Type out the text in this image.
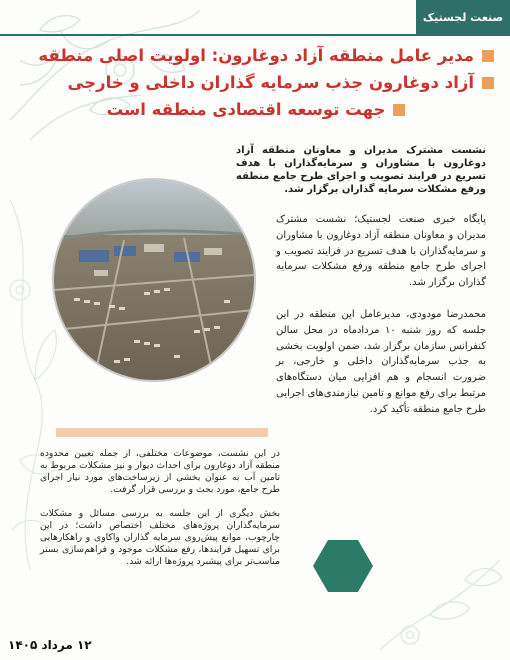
صنعت لجستیک
مدیر عامل منطقه آزاد دوغارون: اولویت اصلی منطقه
آزاد دوغارون جذب سرمایه گذاران داخلی و خارجی
جهت توسعه اقتصادی منطقه است
نشست مشترک مدیران و معاونان منطقه آزاد دوغارون با مشاوران و سرمایه‌گذاران با هدف تسریع در فرایند تصویب و اجرای طرح جامع منطقه ورفع مشکلات سرمایه گذاران برگزار شد.

پایگاه خبری صنعت لجستیک؛ نشست مشترک مدیران و معاونان منطقه آزاد دوغارون با مشاوران و سرمایه‌گذاران با هدف تسریع در فرایند تصویب و اجرای طرح جامع منطقه ورفع مشکلات سرمایه گذاران برگزار شد.

محمدرضا مودودی، مدیرعامل این منطقه در این جلسه که روز شنبه ۱۰ مردادماه در محل سالن کنفرانس سازمان برگزار شد، ضمن اولویت بخشی به جذب سرمایه‌گذاران داخلی و خارجی، بر ضرورت انسجام و هم افزایی میان دستگاه‌های مرتبط برای رفع موانع و تامین نیازمندی‌های اجرایی طرح جامع منطقه تأکید کرد.

در این نشست، موضوعات مختلفی، از جمله تعیین محدوده منطقه آزاد دوغارون برای احداث دیوار و نیز مشکلات مربوط به تامین آب به عنوان بخشی از زیرساخت‌های مورد نیاز اجرای طرح جامع، مورد بحث و بررسی قرار گرفت.

بخش دیگری از این جلسه به بررسی مسائل و مشکلات سرمایه‌گذاران پروژه‌های مختلف اختصاص داشت؛ در این چارچوب، موانع پیش‌روی سرمایه گذاران واکاوی و راهکارهایی برای تسهیل فرایندها، رفع مشکلات موجود و فراهم‌سازی بستر مناسب‌تر برای پیشبرد پروژه‌ها ارائه شد.

۱۲ مرداد ۱۴۰۵
